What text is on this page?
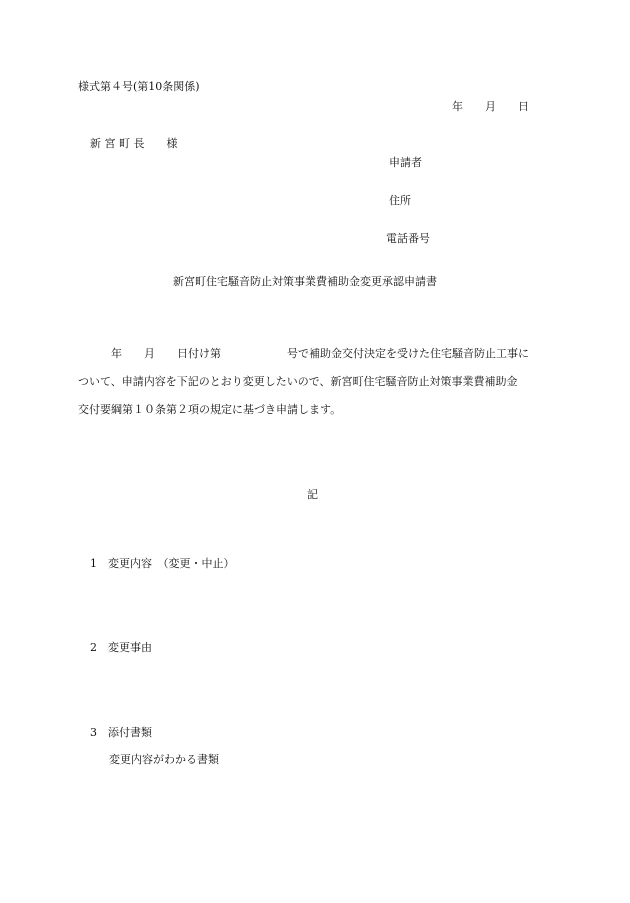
様式第４号(第10条関係)
年　　月　　日
新 宮 町 長　　様
申請者
住所
電話番号
新宮町住宅騒音防止対策事業費補助金変更承認申請書
　　　年　　月　　日付け第　　　　　　号で補助金交付決定を受けた住宅騒音防止工事に
ついて、申請内容を下記のとおり変更したいので、新宮町住宅騒音防止対策事業費補助金
交付要綱第１０条第２項の規定に基づき申請します。
記
1　変更内容　（変更・中止）
2　変更事由
3　添付書類
変更内容がわかる書類
